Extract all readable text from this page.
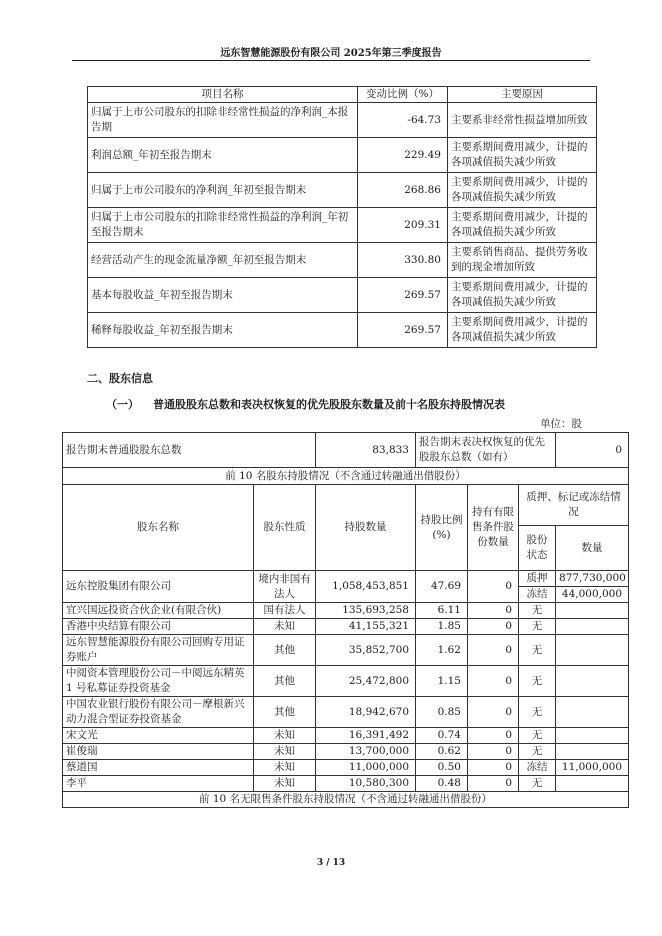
远东智慧能源股份有限公司 2025年第三季度报告
项目名称	变动比例（%）	主要原因
归属于上市公司股东的扣除非经常性损益的净利润_本报告期	-64.73	主要系非经常性损益增加所致
利润总额_年初至报告期末	229.49	主要系期间费用减少，计提的各项减值损失减少所致
归属于上市公司股东的净利润_年初至报告期末	268.86	主要系期间费用减少，计提的各项减值损失减少所致
归属于上市公司股东的扣除非经常性损益的净利润_年初至报告期末	209.31	主要系期间费用减少，计提的各项减值损失减少所致
经营活动产生的现金流量净额_年初至报告期末	330.80	主要系销售商品、提供劳务收到的现金增加所致
基本每股收益_年初至报告期末	269.57	主要系期间费用减少，计提的各项减值损失减少所致
稀释每股收益_年初至报告期末	269.57	主要系期间费用减少，计提的各项减值损失减少所致
二、股东信息
（一） 普通股股东总数和表决权恢复的优先股股东数量及前十名股东持股情况表
单位：股
报告期末普通股股东总数		83,833	报告期末表决权恢复的优先股股东总数（如有）			0
前 10 名股东持股情况（不含通过转融通出借股份）						
股东名称	股东性质	持股数量	持股比例(%)	持有有限售条件股份数量	质押、标记或冻结情况	
					股份状态	数量
远东控股集团有限公司	境内非国有法人	1,058,453,851	47.69	0	质押	877,730,000
					冻结	44,000,000
宜兴国远投资合伙企业(有限合伙)	国有法人	135,693,258	6.11	0	无	
香港中央结算有限公司	未知	41,155,321	1.85	0	无	
远东智慧能源股份有限公司回购专用证券账户	其他	35,852,700	1.62	0	无	
中阅资本管理股份公司－中阅远东精英 1 号私募证券投资基金	其他	25,472,800	1.15	0	无	
中国农业银行股份有限公司－摩根新兴动力混合型证券投资基金	其他	18,942,670	0.85	0	无	
宋文光	未知	16,391,492	0.74	0	无	
崔俊瑞	未知	13,700,000	0.62	0	无	
蔡道国	未知	11,000,000	0.50	0	冻结	11,000,000
李平	未知	10,580,300	0.48	0	无	
前 10 名无限售条件股东持股情况（不含通过转融通出借股份）						
3 / 13
